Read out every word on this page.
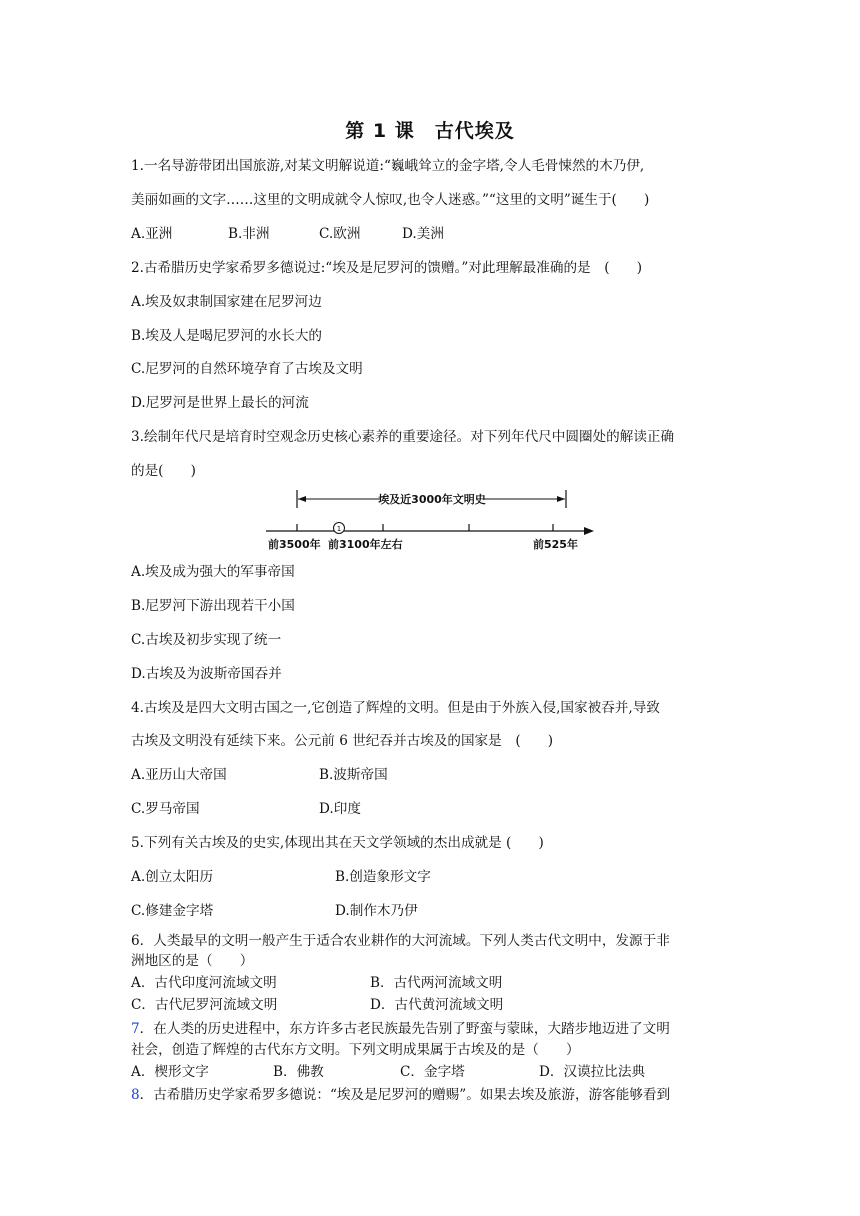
第 1 课　古代埃及
1.一名导游带团出国旅游,对某文明解说道:“巍峨耸立的金字塔,令人毛骨悚然的木乃伊,
美丽如画的文字……这里的文明成就令人惊叹,也令人迷惑。”“这里的文明”诞生于(　　)
A.亚洲	B.非洲	C.欧洲	D.美洲
2.古希腊历史学家希罗多德说过:“埃及是尼罗河的馈赠。”对此理解最准确的是　(　　)
A.埃及奴隶制国家建在尼罗河边
B.埃及人是喝尼罗河的水长大的
C.尼罗河的自然环境孕育了古埃及文明
D.尼罗河是世界上最长的河流
3.绘制年代尺是培育时空观念历史核心素养的重要途径。对下列年代尺中圆圈处的解读正确
的是(　　)
埃及近3000年文明史
1
前3500年 前3100年左右	前525年
A.埃及成为强大的军事帝国
B.尼罗河下游出现若干小国
C.古埃及初步实现了统一
D.古埃及为波斯帝国吞并
4.古埃及是四大文明古国之一,它创造了辉煌的文明。但是由于外族入侵,国家被吞并,导致
古埃及文明没有延续下来。公元前 6 世纪吞并古埃及的国家是　(　　)
A.亚历山大帝国	B.波斯帝国
C.罗马帝国	D.印度
5.下列有关古埃及的史实,体现出其在天文学领域的杰出成就是 (　　)
A.创立太阳历	B.创造象形文字
C.修建金字塔	D.制作木乃伊
6．人类最早的文明一般产生于适合农业耕作的大河流域。下列人类古代文明中，发源于非
洲地区的是（　　）
A．古代印度河流域文明	B．古代两河流域文明
C．古代尼罗河流域文明	D．古代黄河流域文明
7．在人类的历史进程中，东方许多古老民族最先告别了野蛮与蒙昧，大踏步地迈进了文明
社会，创造了辉煌的古代东方文明。下列文明成果属于古埃及的是（　　）
A．楔形文字	B．佛教	C．金字塔	D．汉谟拉比法典
8．古希腊历史学家希罗多德说：“埃及是尼罗河的赠赐”。如果去埃及旅游，游客能够看到
